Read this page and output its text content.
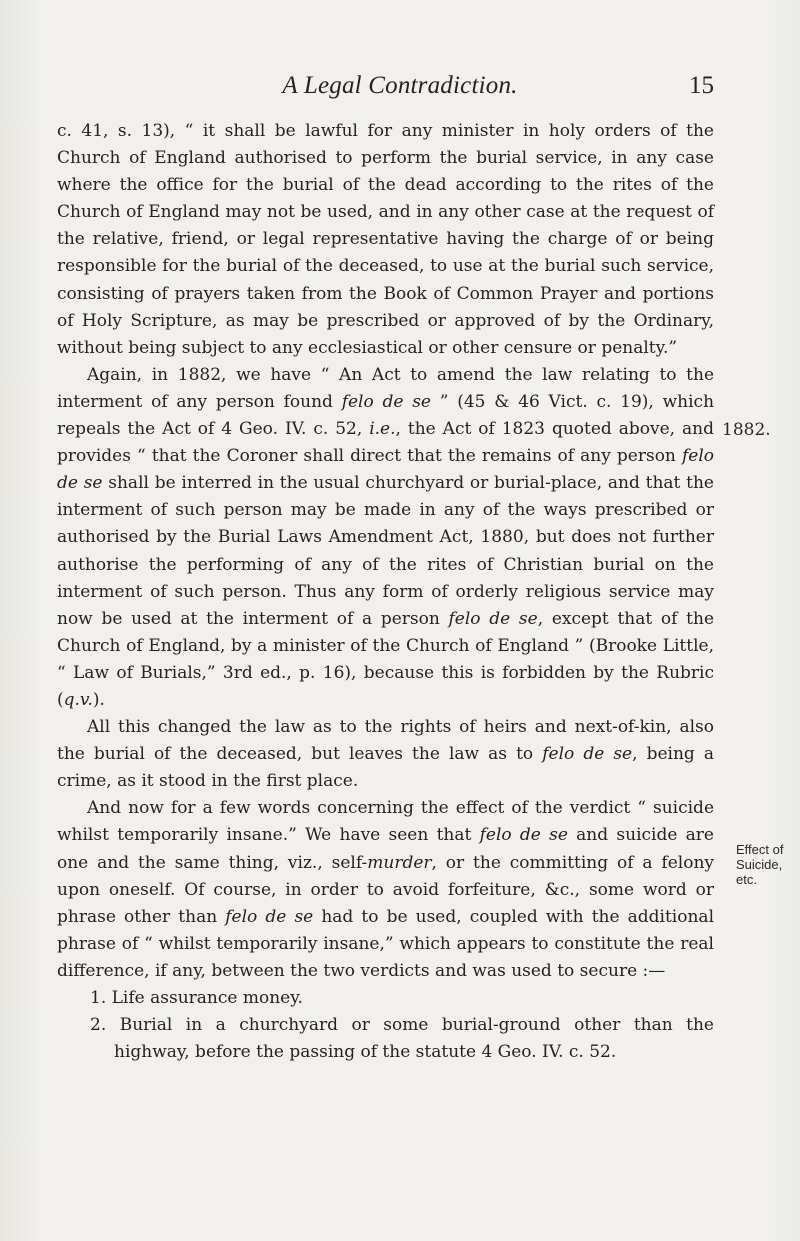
A Legal Contradiction.	15

c. 41, s. 13), “ it shall be lawful for any minister in holy orders of the Church of England authorised to perform the burial service, in any case where the office for the burial of the dead according to the rites of the Church of England may not be used, and in any other case at the request of the relative, friend, or legal representative having the charge of or being responsible for the burial of the deceased, to use at the burial such service, consisting of prayers taken from the Book of Common Prayer and portions of Holy Scripture, as may be prescribed or approved of by the Ordinary, without being subject to any ecclesiastical or other censure or penalty.”

Again, in 1882, we have “ An Act to amend the law relating to the interment of any person found felo de se ” (45 & 46 Vict. c. 19), which repeals the Act of 4 Geo. IV. c. 52, i.e., the Act of 1823 quoted above, and provides “ that the Coroner shall direct that the remains of any person felo de se shall be interred in the usual churchyard or burial-place, and that the interment of such person may be made in any of the ways prescribed or authorised by the Burial Laws Amendment Act, 1880, but does not further authorise the performing of any of the rites of Christian burial on the interment of such person. Thus any form of orderly religious service may now be used at the interment of a person felo de se, except that of the Church of England, by a minister of the Church of England ” (Brooke Little, “ Law of Burials,” 3rd ed., p. 16), because this is forbidden by the Rubric (q.v.).

All this changed the law as to the rights of heirs and next-of-kin, also the burial of the deceased, but leaves the law as to felo de se, being a crime, as it stood in the first place.

And now for a few words concerning the effect of the verdict “ suicide whilst temporarily insane.” We have seen that felo de se and suicide are one and the same thing, viz., self-murder, or the committing of a felony upon oneself. Of course, in order to avoid forfeiture, &c., some word or phrase other than felo de se had to be used, coupled with the additional phrase of “ whilst temporarily insane,” which appears to constitute the real difference, if any, between the two verdicts and was used to secure :—

1. Life assurance money.
2. Burial in a churchyard or some burial-ground other than the highway, before the passing of the statute 4 Geo. IV. c. 52.
1882.
Effect of
Suicide,
etc.
